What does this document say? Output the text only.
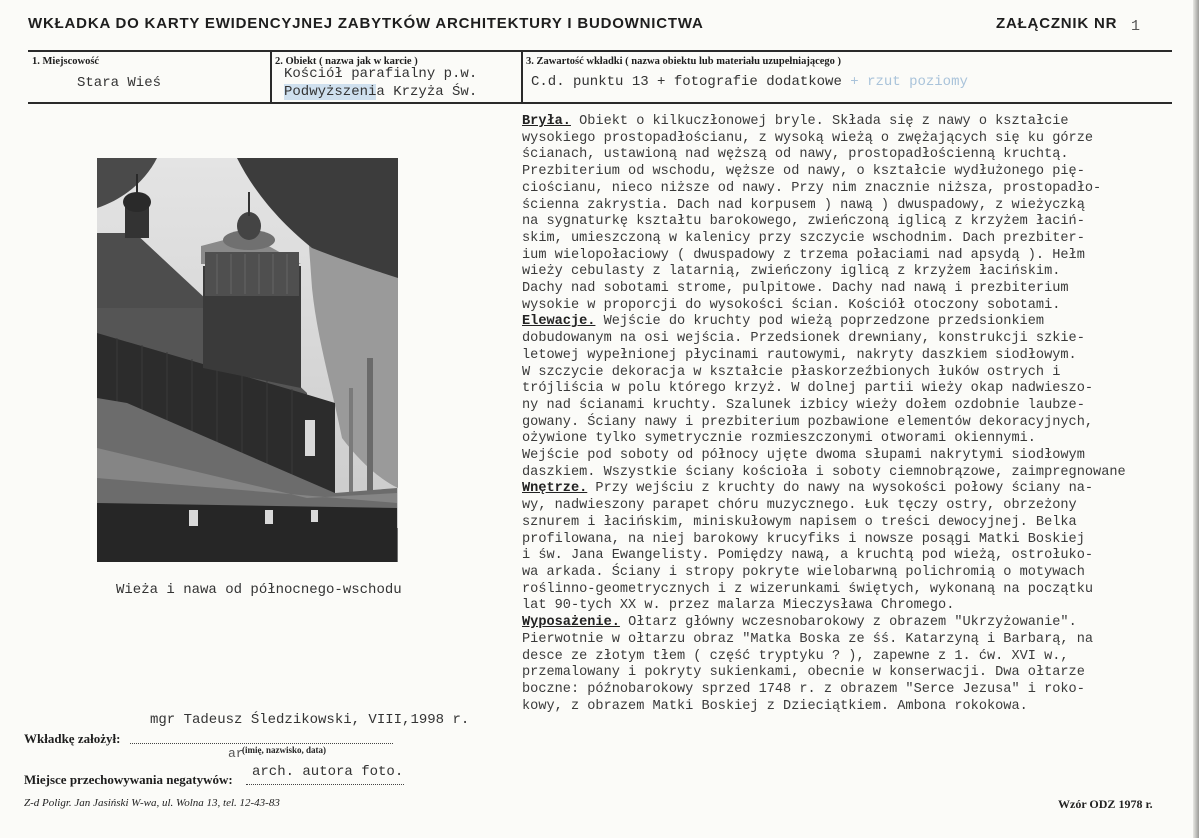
WKŁADKA DO KARTY EWIDENCYJNEJ ZABYTKÓW ARCHITEKTURY I BUDOWNICTWA	ZAŁĄCZNIK NR 1
1. Miejscowość
Stara Wieś
2. Obiekt ( nazwa jak w karcie )
Kościół parafialny p.w.
Podwyższenia Krzyża Św.
3. Zawartość wkładki ( nazwa obiektu lub materiału uzupełniającego )
C.d. punktu 13 + fotografie dodatkowe + rzut poziomy
Wieża i nawa od północnego-wschodu
Bryła. Obiekt o kilkuczłonowej bryle. Składa się z nawy o kształcie
wysokiego prostopadłościanu, z wysoką wieżą o zwężających się ku górze
ścianach, ustawioną nad węższą od nawy, prostopadłościenną kruchtą.
Prezbiterium od wschodu, węższe od nawy, o kształcie wydłużonego pię-
ciościanu, nieco niższe od nawy. Przy nim znacznie niższa, prostopadło-
ścienna zakrystia. Dach nad korpusem ) nawą ) dwuspadowy, z wieżyczką
na sygnaturkę kształtu barokowego, zwieńczoną iglicą z krzyżem łaciń-
skim, umieszczoną w kalenicy przy szczycie wschodnim. Dach prezbiter-
ium wielopołaciowy ( dwuspadowy z trzema połaciami nad apsydą ). Hełm
wieży cebulasty z latarnią, zwieńczony iglicą z krzyżem łacińskim.
Dachy nad sobotami strome, pulpitowe. Dachy nad nawą i prezbiterium
wysokie w proporcji do wysokości ścian. Kościół otoczony sobotami.
Elewacje. Wejście do kruchty pod wieżą poprzedzone przedsionkiem
dobudowanym na osi wejścia. Przedsionek drewniany, konstrukcji szkie-
letowej wypełnionej płycinami rautowymi, nakryty daszkiem siodłowym.
W szczycie dekoracja w kształcie płaskorzeźbionych łuków ostrych i
trójliścia w polu którego krzyż. W dolnej partii wieży okap nadwieszo-
ny nad ścianami kruchty. Szalunek izbicy wieży dołem ozdobnie laubze-
gowany. Ściany nawy i prezbiterium pozbawione elementów dekoracyjnych,
ożywione tylko symetrycznie rozmieszczonymi otworami okiennymi.
Wejście pod soboty od północy ujęte dwoma słupami nakrytymi siodłowym
daszkiem. Wszystkie ściany kościoła i soboty ciemnobrązowe, zaimpregnowane
Wnętrze. Przy wejściu z kruchty do nawy na wysokości połowy ściany na-
wy, nadwieszony parapet chóru muzycznego. Łuk tęczy ostry, obrzeżony
sznurem i łacińskim, miniskułowym napisem o treści dewocyjnej. Belka
profilowana, na niej barokowy krucyfiks i nowsze posągi Matki Boskiej
i św. Jana Ewangelisty. Pomiędzy nawą, a kruchtą pod wieżą, ostrołuko-
wa arkada. Ściany i stropy pokryte wielobarwną polichromią o motywach
roślinno-geometrycznych i z wizerunkami świętych, wykonaną na początku
lat 90-tych XX w. przez malarza Mieczysława Chromego.
Wyposażenie. Ołtarz główny wczesnobarokowy z obrazem "Ukrzyżowanie".
Pierwotnie w ołtarzu obraz "Matka Boska ze śś. Katarzyną i Barbarą, na
desce ze złotym tłem ( część tryptyku ? ), zapewne z 1. ćw. XVI w.,
przemalowany i pokryty sukienkami, obecnie w konserwacji. Dwa ołtarze
boczne: późnobarokowy sprzed 1748 r. z obrazem "Serce Jezusa" i roko-
kowy, z obrazem Matki Boskiej z Dzieciątkiem. Ambona rokokowa.
mgr Tadeusz Śledzikowski, VIII,1998 r.
Wkładkę założył:
ar
(imię, nazwisko, data)
arch. autora foto.
Miejsce przechowywania negatywów:
Z-d Poligr. Jan Jasiński W-wa, ul. Wolna 13, tel. 12-43-83	Wzór ODZ 1978 r.
